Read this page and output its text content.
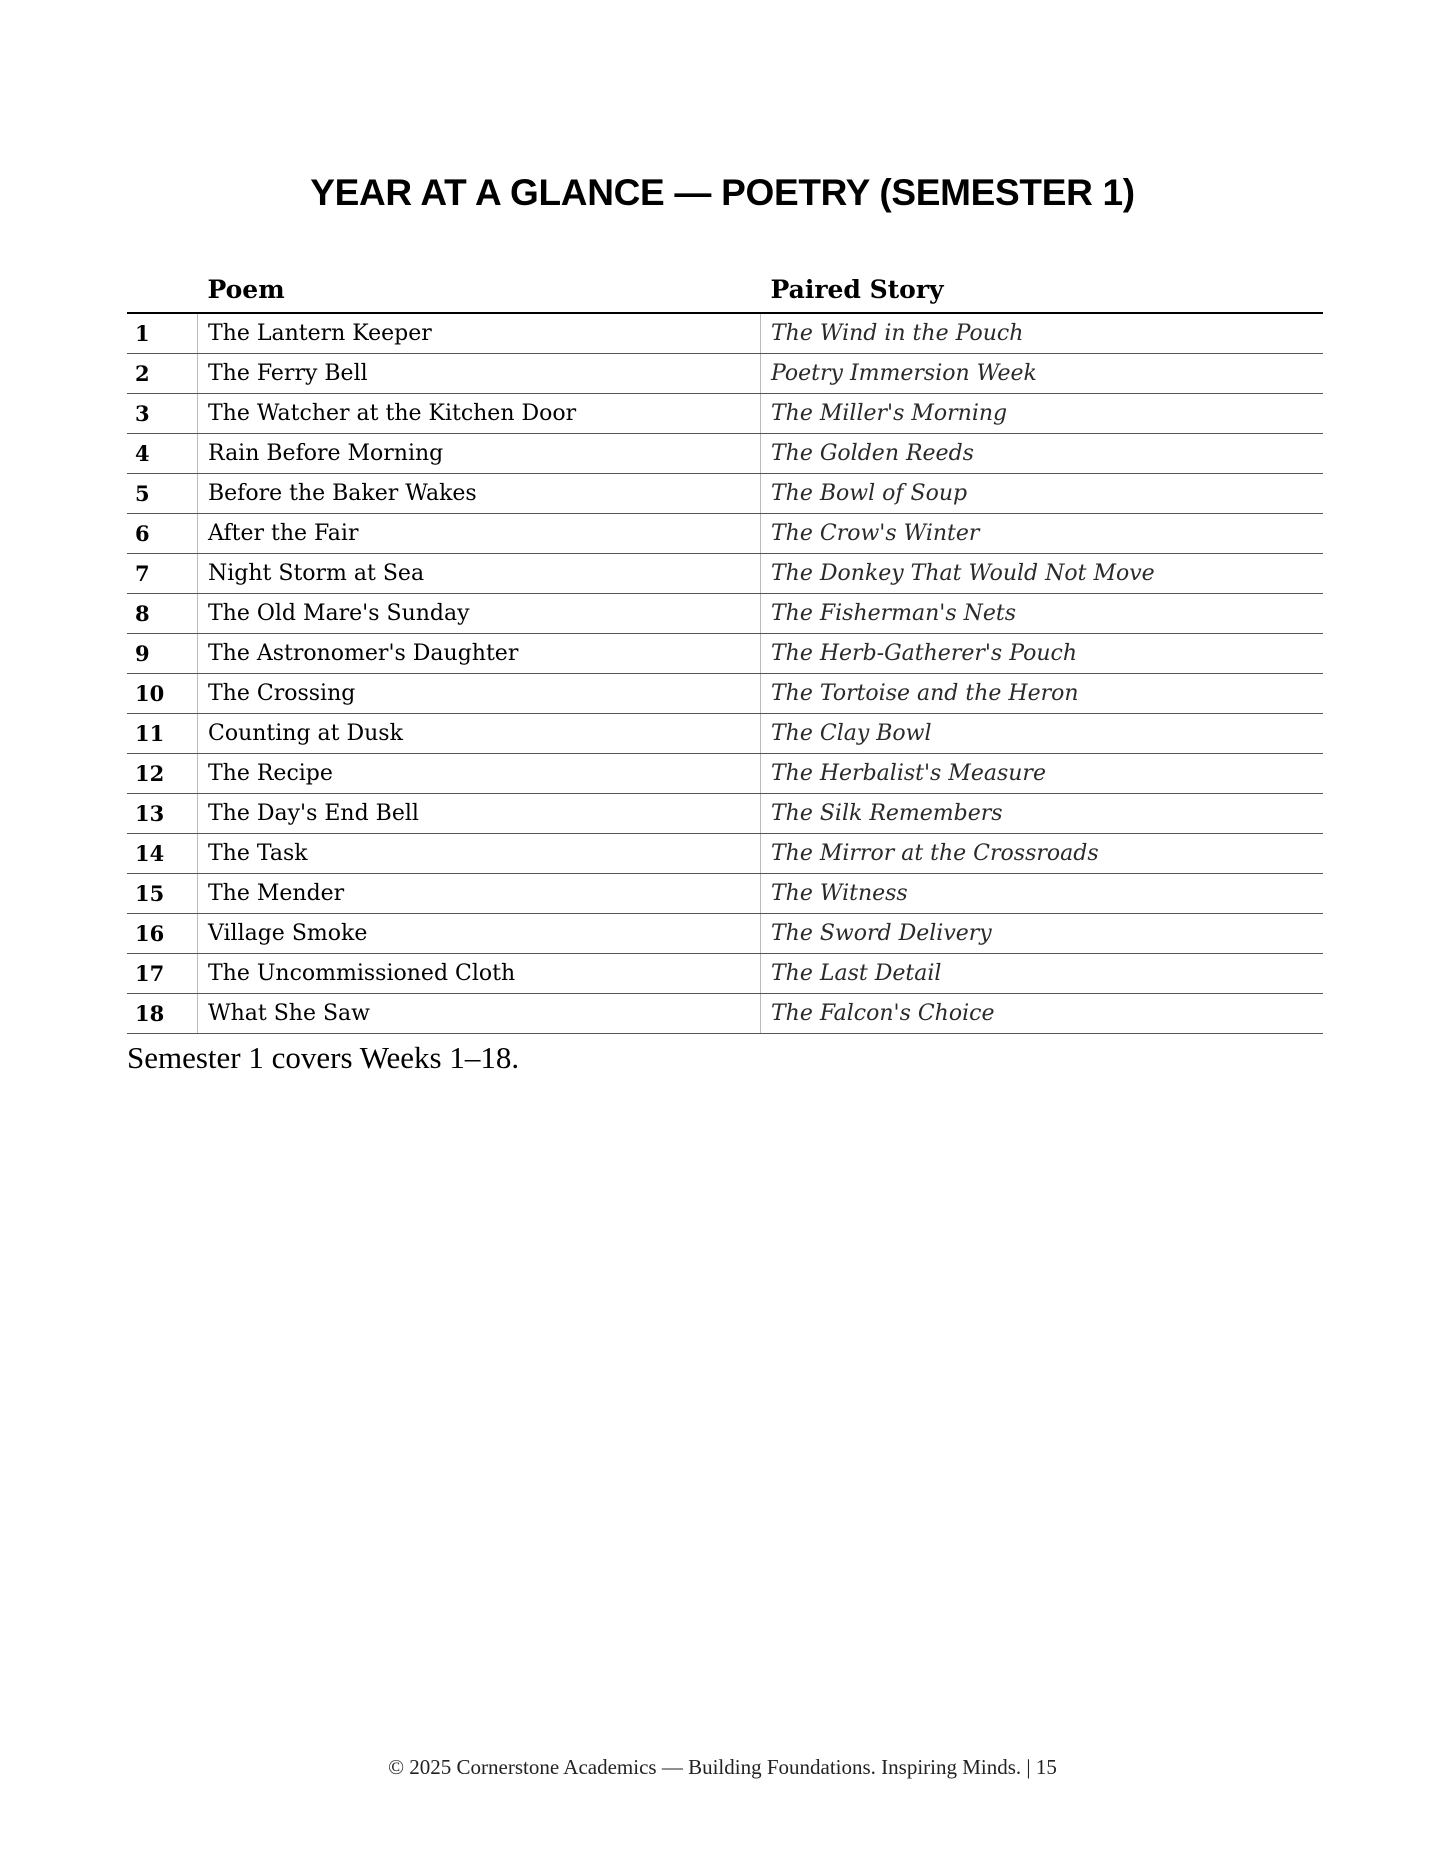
YEAR AT A GLANCE — POETRY (SEMESTER 1)
	Poem	Paired Story
1	The Lantern Keeper	The Wind in the Pouch
2	The Ferry Bell	Poetry Immersion Week
3	The Watcher at the Kitchen Door	The Miller's Morning
4	Rain Before Morning	The Golden Reeds
5	Before the Baker Wakes	The Bowl of Soup
6	After the Fair	The Crow's Winter
7	Night Storm at Sea	The Donkey That Would Not Move
8	The Old Mare's Sunday	The Fisherman's Nets
9	The Astronomer's Daughter	The Herb-Gatherer's Pouch
10	The Crossing	The Tortoise and the Heron
11	Counting at Dusk	The Clay Bowl
12	The Recipe	The Herbalist's Measure
13	The Day's End Bell	The Silk Remembers
14	The Task	The Mirror at the Crossroads
15	The Mender	The Witness
16	Village Smoke	The Sword Delivery
17	The Uncommissioned Cloth	The Last Detail
18	What She Saw	The Falcon's Choice

Semester 1 covers Weeks 1–18.

© 2025 Cornerstone Academics — Building Foundations. Inspiring Minds. | 15
